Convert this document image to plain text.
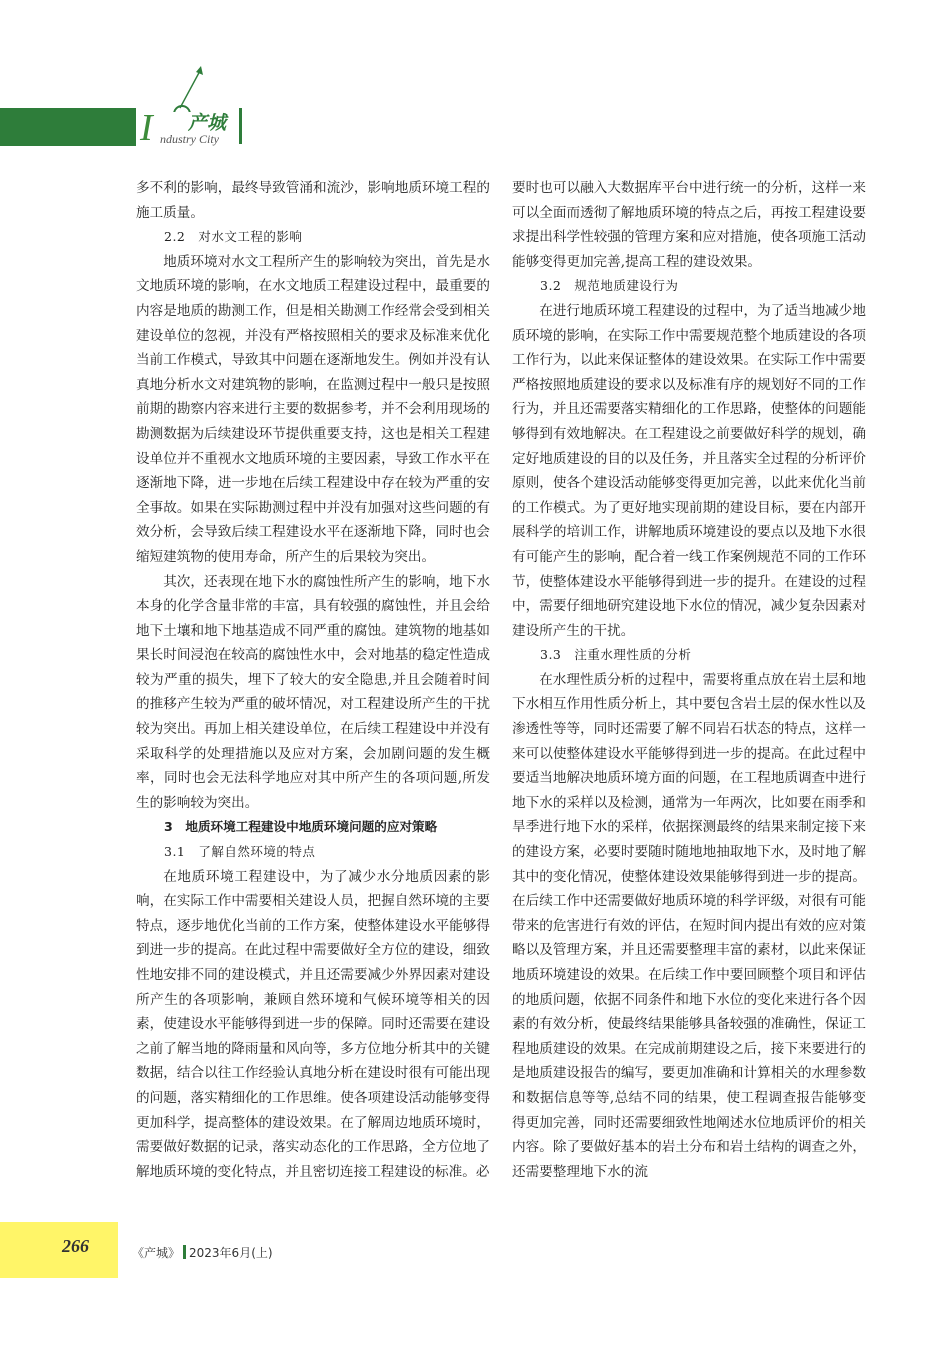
I 产城
ndustry City

多不利的影响，最终导致管涌和流沙，影响地质环境工程的施工质量。

2.2　对水文工程的影响

地质环境对水文工程所产生的影响较为突出，首先是水文地质环境的影响，在水文地质工程建设过程中，最重要的内容是地质的勘测工作，但是相关勘测工作经常会受到相关建设单位的忽视，并没有严格按照相关的要求及标准来优化当前工作模式，导致其中问题在逐渐地发生。例如并没有认真地分析水文对建筑物的影响，在监测过程中一般只是按照前期的勘察内容来进行主要的数据参考，并不会利用现场的勘测数据为后续建设环节提供重要支持，这也是相关工程建设单位并不重视水文地质环境的主要因素，导致工作水平在逐渐地下降，进一步地在后续工程建设中存在较为严重的安全事故。如果在实际勘测过程中并没有加强对这些问题的有效分析，会导致后续工程建设水平在逐渐地下降，同时也会缩短建筑物的使用寿命，所产生的后果较为突出。

其次，还表现在地下水的腐蚀性所产生的影响，地下水本身的化学含量非常的丰富，具有较强的腐蚀性，并且会给地下土壤和地下地基造成不同严重的腐蚀。建筑物的地基如果长时间浸泡在较高的腐蚀性水中，会对地基的稳定性造成较为严重的损失，埋下了较大的安全隐患,并且会随着时间的推移产生较为严重的破坏情况，对工程建设所产生的干扰较为突出。再加上相关建设单位，在后续工程建设中并没有采取科学的处理措施以及应对方案，会加剧问题的发生概率，同时也会无法科学地应对其中所产生的各项问题,所发生的影响较为突出。

3　地质环境工程建设中地质环境问题的应对策略
3.1　了解自然环境的特点

在地质环境工程建设中，为了减少水分地质因素的影响，在实际工作中需要相关建设人员，把握自然环境的主要特点，逐步地优化当前的工作方案，使整体建设水平能够得到进一步的提高。在此过程中需要做好全方位的建设，细致性地安排不同的建设模式，并且还需要减少外界因素对建设所产生的各项影响，兼顾自然环境和气候环境等相关的因素，使建设水平能够得到进一步的保障。同时还需要在建设之前了解当地的降雨量和风向等，多方位地分析其中的关键数据，结合以往工作经验认真地分析在建设时很有可能出现的问题，落实精细化的工作思维。使各项建设活动能够变得更加科学，提高整体的建设效果。在了解周边地质环境时，需要做好数据的记录，落实动态化的工作思路，全方位地了解地质环境的变化特点，并且密切连接工程建设的标准。必

要时也可以融入大数据库平台中进行统一的分析，这样一来可以全面而透彻了解地质环境的特点之后，再按工程建设要求提出科学性较强的管理方案和应对措施，使各项施工活动能够变得更加完善,提高工程的建设效果。

3.2　规范地质建设行为

在进行地质环境工程建设的过程中，为了适当地减少地质环境的影响，在实际工作中需要规范整个地质建设的各项工作行为，以此来保证整体的建设效果。在实际工作中需要严格按照地质建设的要求以及标准有序的规划好不同的工作行为，并且还需要落实精细化的工作思路，使整体的问题能够得到有效地解决。在工程建设之前要做好科学的规划，确定好地质建设的目的以及任务，并且落实全过程的分析评价原则，使各个建设活动能够变得更加完善，以此来优化当前的工作模式。为了更好地实现前期的建设目标，要在内部开展科学的培训工作，讲解地质环境建设的要点以及地下水很有可能产生的影响，配合着一线工作案例规范不同的工作环节，使整体建设水平能够得到进一步的提升。在建设的过程中，需要仔细地研究建设地下水位的情况，减少复杂因素对建设所产生的干扰。

3.3　注重水理性质的分析

在水理性质分析的过程中，需要将重点放在岩土层和地下水相互作用性质分析上，其中要包含岩土层的保水性以及渗透性等等，同时还需要了解不同岩石状态的特点，这样一来可以使整体建设水平能够得到进一步的提高。在此过程中要适当地解决地质环境方面的问题，在工程地质调查中进行地下水的采样以及检测，通常为一年两次，比如要在雨季和旱季进行地下水的采样，依据探测最终的结果来制定接下来的建设方案，必要时要随时随地地抽取地下水，及时地了解其中的变化情况，使整体建设效果能够得到进一步的提高。在后续工作中还需要做好地质环境的科学评级，对很有可能带来的危害进行有效的评估，在短时间内提出有效的应对策略以及管理方案，并且还需要整理丰富的素材，以此来保证地质环境建设的效果。在后续工作中要回顾整个项目和评估的地质问题，依据不同条件和地下水位的变化来进行各个因素的有效分析，使最终结果能够具备较强的准确性，保证工程地质建设的效果。在完成前期建设之后，接下来要进行的是地质建设报告的编写，要更加准确和计算相关的水理参数和数据信息等等,总结不同的结果，使工程调查报告能够变得更加完善，同时还需要细致性地阐述水位地质评价的相关内容。除了要做好基本的岩土分布和岩土结构的调查之外，还需要整理地下水的流

266	《产城》 2023年6月(上)
